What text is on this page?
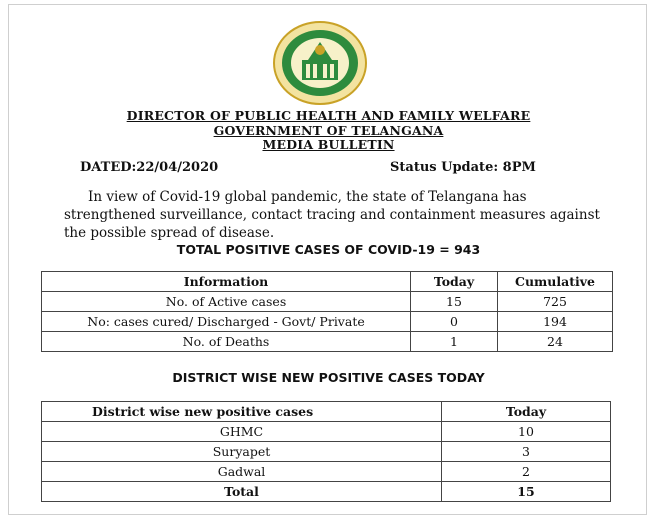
DIRECTOR OF PUBLIC HEALTH AND FAMILY WELFARE
GOVERNMENT OF TELANGANA
MEDIA BULLETIN
DATED:22/04/2020	Status Update: 8PM
In view of Covid-19 global pandemic, the state of Telangana has strengthened surveillance, contact tracing and containment measures against the possible spread of disease.
TOTAL POSITIVE CASES OF COVID-19 = 943
Information	Today	Cumulative
No. of Active cases	15	725
No: cases cured/ Discharged - Govt/ Private	0	194
No. of Deaths	1	24
DISTRICT WISE NEW POSITIVE CASES TODAY
District wise new positive cases	Today
GHMC	10
Suryapet	3
Gadwal	2
Total	15
